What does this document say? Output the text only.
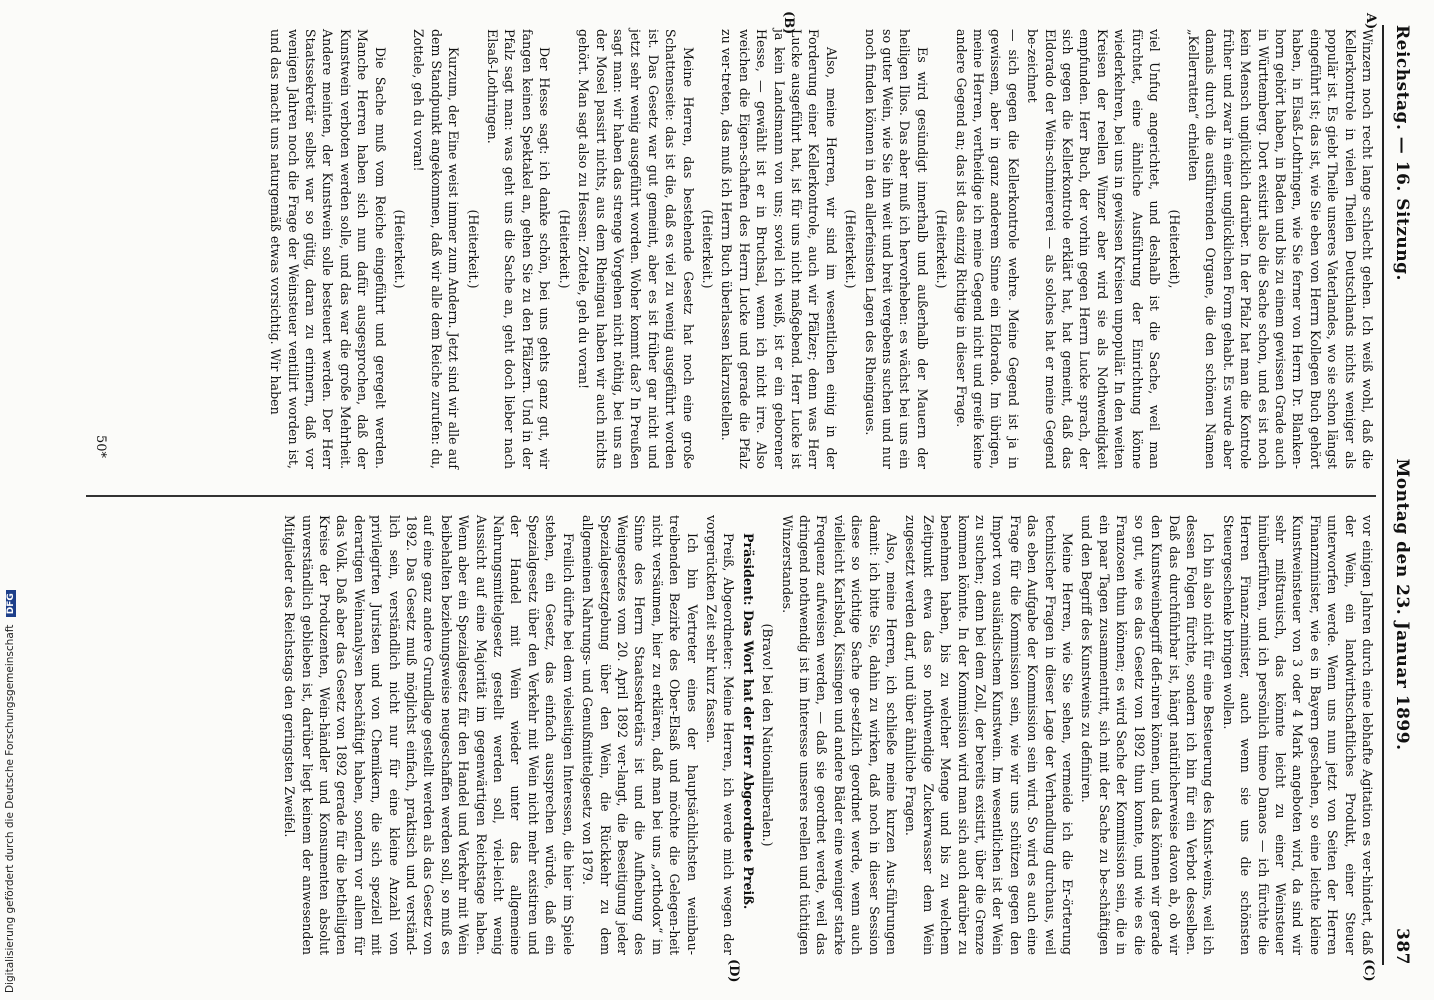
Digitalisierung gefördert durch die Deutsche Forschungsgemeinschaft DFG
Reichstag. — 16. Sitzung.
Montag den 23. Januar 1899.
387
A)
(B)
(C)
(D)

Winzern noch recht lange schlecht gehen. Ich weiß wohl, daß die Kellerkontrole in vielen Theilen Deutschlands nichts weniger als populär ist. Es giebt Theile unseres Vaterlandes, wo sie schon längst eingeführt ist; das ist, wie Sie eben von Herrn Kollegen Buch gehört haben, in Elsaß-Lothringen, wie Sie ferner von Herrn Dr. Blanken-horn gehört haben, in Baden und bis zu einem gewissen Grade auch in Württemberg. Dort existirt also die Sache schon, und es ist noch kein Mensch unglücklich darüber. In der Pfalz hat man die Kontrole früher und zwar in einer unglücklichen Form gehabt. Es wurde aber damals durch die ausführenden Organe, die den schönen Namen „Kellerratten“ erhielten

(Heiterkeit),

viel Unfug angerichtet, und deshalb ist die Sache, weil man fürchtet, eine ähnliche Ausführung der Einrichtung könne wiederkehren, bei uns in gewissen Kreisen unpopulär. In den weiten Kreisen der reellen Winzer aber wird sie als Nothwendigkeit empfunden. Herr Buch, der vorhin gegen Herrn Lucke sprach, der sich gegen die Kellerkontrole erklärt hat, hat gemeint, daß das Eldorado der Wein-schmiererei — als solches hat er meine Gegend be-zeichnet

— sich gegen die Kellerkontrole wehre. Meine Gegend ist ja in gewissem, aber in ganz anderem Sinne ein Eldorado. Im übrigen, meine Herren, vertheidige ich meine Gegend nicht und greife keine andere Gegend an; das ist das einzig Richtige in dieser Frage.

(Heiterkeit.)

Es wird gesündigt innerhalb und außerhalb der Mauern der heiligen Ilios. Das aber muß ich hervorheben: es wächst bei uns ein so guter Wein, wie Sie ihn weit und breit vergebens suchen und nur noch finden können in den allerfeinsten Lagen des Rheingaues.

(Heiterkeit.)

Also, meine Herren, wir sind im wesentlichen einig in der Forderung einer Kellerkontrole, auch wir Pfälzer; denn was Herr Lucke ausgeführt hat, ist für uns nicht maßgebend. Herr Lucke ist ja kein Landsmann von uns; soviel ich weiß, ist er ein geborener Hesse, — gewählt ist er in Bruchsal, wenn ich nicht irre. Also weichen die Eigen-schaften des Herrn Lucke und gerade die Pfalz zu ver-treten, das muß ich Herrn Buch überlassen klarzustellen.

(Heiterkeit.)

Meine Herren, das bestehende Gesetz hat noch eine große Schattenseite: das ist die, daß es viel zu wenig ausgeführt worden ist. Das Gesetz war gut gemeint, aber es ist früher gar nicht und jetzt sehr wenig ausgeführt worden. Woher kommt das? In Preußen sagt man: wir haben das strenge Vorgehen nicht nöthig, bei uns an der Mosel passirt nichts, aus dem Rheingau haben wir auch nichts gehört. Man sagt also zu Hessen: Zottele, geh du voran!

(Heiterkeit.)

Der Hesse sagt: ich danke schön, bei uns gehts ganz gut, wir fangen keinen Spektakel an, gehen Sie zu den Pfälzern. Und in der Pfalz sagt man: was geht uns die Sache an, geht doch lieber nach Elsaß-Lothringen.

(Heiterkeit.)

Kurzum, der Eine weist immer zum Andern. Jetzt sind wir alle auf dem Standpunkt angekommen, daß wir alle dem Reiche zurufen: du, Zottele, geh du voran!

(Heiterkeit.)

Die Sache muß vom Reiche eingeführt und geregelt werden. Manche Herren haben sich nun dafür ausgesprochen, daß der Kunstwein verboten werden solle, und das war die große Mehrheit. Andere meinten, der Kunstwein solle besteuert werden. Der Herr Staatssekretär selbst war so gütig, daran zu erinnern, daß vor wenigen Jahren noch die Frage der Weinsteuer ventilirt worden ist, und das macht uns naturgemäß etwas vorsichtig. Wir haben

vor einigen Jahren durch eine lebhafte Agitation es ver-hindert, daß der Wein, ein landwirthschaftliches Produkt, einer Steuer unterworfen werde. Wenn uns nun jetzt von Seiten der Herren Finanzminister, wie es in Bayern geschehen, so eine leichte kleine Kunstweinsteuer von 3 oder 4 Mark angeboten wird, da sind wir sehr mißtrauisch, das könnte leicht zu einer Weinsteuer hinüberführen, und ich persönlich timeo Danaos — ich fürchte die Herren Finanz-minister, auch wenn sie uns die schönsten Steuergeschenke bringen wollen.

Ich bin also nicht für eine Besteuerung des Kunst-weins, weil ich dessen Folgen fürchte, sondern ich bin für ein Verbot desselben. Daß das durchführbar ist, hängt natürlicherweise davon ab, ob wir den Kunstweinbegriff defi-niren können, und das können wir gerade so gut, wie es das Gesetz von 1892 thun konnte, und wie es die Franzosen thun können; es wird Sache der Kommission sein, die in ein paar Tagen zusammentritt, sich mit der Sache zu be-schäftigen und den Begriff des Kunstweins zu definiren.

Meine Herren, wie Sie sehen, vermeide ich die Er-örterung technischer Fragen in dieser Lage der Verhandlung durchaus, weil das eben Aufgabe der Kommission sein wird. So wird es auch eine Frage für die Kommission sein, wie wir uns schützen gegen den Import von ausländischem Kunstwein. Im wesentlichen ist der Wein zu suchen; denn bei dem Zoll, der bereits existirt, über die Grenze kommen könnte. In der Kommission wird man sich auch darüber zu benehmen haben, bis zu welcher Menge und bis zu welchem Zeitpunkt etwa das so nothwendige Zuckerwasser dem Wein zugesetzt werden darf, und über ähnliche Fragen.

Also, meine Herren, ich schließe meine kurzen Aus-führungen damit: ich bitte Sie, dahin zu wirken, daß noch in dieser Session diese so wichtige Sache ge-setzlich geordnet werde, wenn auch vielleicht Karlsbad, Kissingen und andere Bäder eine weniger starke Frequenz aufweisen werden, — daß sie geordnet werde, weil das dringend nothwendig ist im Interesse unseres reellen und tüchtigen Winzerstandes.

(Bravo! bei den Nationalliberalen.)

Präsident: Das Wort hat der Herr Abgeordnete Preiß.

Preiß, Abgeordneter: Meine Herren, ich werde mich wegen der vorgerückten Zeit sehr kurz fassen.

Ich bin Vertreter eines der hauptsächlichsten weinbau-treibenden Bezirke des Ober-Elsaß und möchte die Gelegen-heit nicht versäumen, hier zu erklären, daß man bei uns „orthodox“ im Sinne des Herrn Staatssekretärs ist und die Aufhebung des Weingesetzes vom 20. April 1892 ver-langt, die Beseitigung jeder Spezialgesetzgebung über den Wein, die Rückkehr zu dem allgemeinen Nahrungs- und Genußmittelgesetz von 1879.

Freilich dürfte bei dem vielseitigen Interessen, die hier im Spiele stehen, ein Gesetz, das einfach aussprechen würde, daß ein Spezialgesetz über den Verkehr mit Wein nicht mehr existiren und der Handel mit Wein wieder unter das allgemeine Nahrungsmittelgesetz gestellt werden soll, viel-leicht wenig Aussicht auf eine Majorität im gegenwärtigen Reichstage haben. Wenn aber ein Spezialgesetz für den Handel und Verkehr mit Wein beibehalten beziehungsweise neugeschaffen werden soll, so muß es auf eine ganz andere Grundlage gestellt werden als das Gesetz von 1892. Das Gesetz muß möglichst einfach, praktisch und verständ-lich sein, verständlich nicht nur für eine kleine Anzahl von privilegirten Juristen und von Chemikern, die sich speziell mit derartigen Weinanalysen beschäftigt haben, sondern vor allem für das Volk. Daß aber das Gesetz von 1892 gerade für die betheiligten Kreise der Produzenten, Wein-händler und Konsumenten absolut unverständlich geblieben ist, darüber liegt keinem der anwesenden Mitglieder des Reichstags den geringsten Zweifel.

50*
